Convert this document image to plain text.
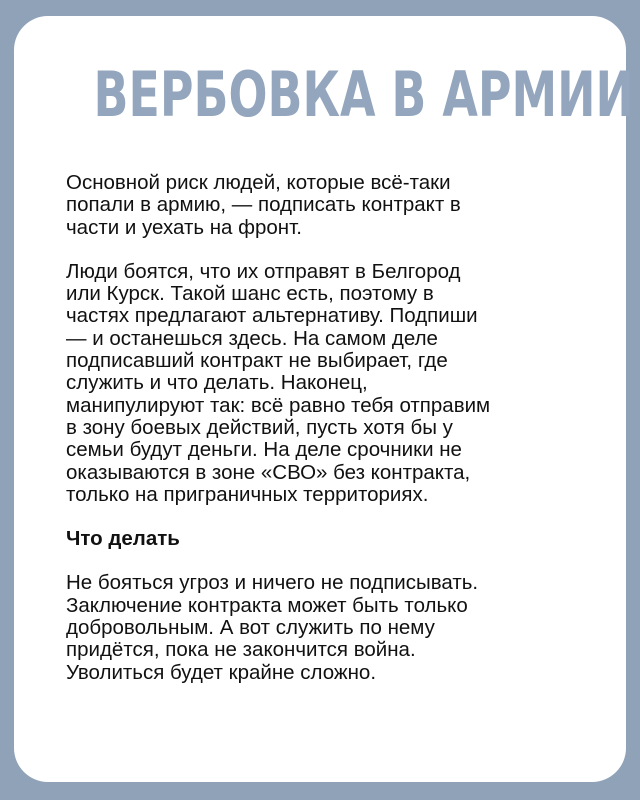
ВЕРБОВКА В АРМИИ

Основной риск людей, которые всё-таки
попали в армию, — подписать контракт в
части и уехать на фронт.

Люди боятся, что их отправят в Белгород
или Курск. Такой шанс есть, поэтому в
частях предлагают альтернативу. Подпиши
— и останешься здесь. На самом деле
подписавший контракт не выбирает, где
служить и что делать. Наконец,
манипулируют так: всё равно тебя отправим
в зону боевых действий, пусть хотя бы у
семьи будут деньги. На деле срочники не
оказываются в зоне «СВО» без контракта,
только на приграничных территориях.

Что делать

Не бояться угроз и ничего не подписывать.
Заключение контракта может быть только
добровольным. А вот служить по нему
придётся, пока не закончится война.
Уволиться будет крайне сложно.
